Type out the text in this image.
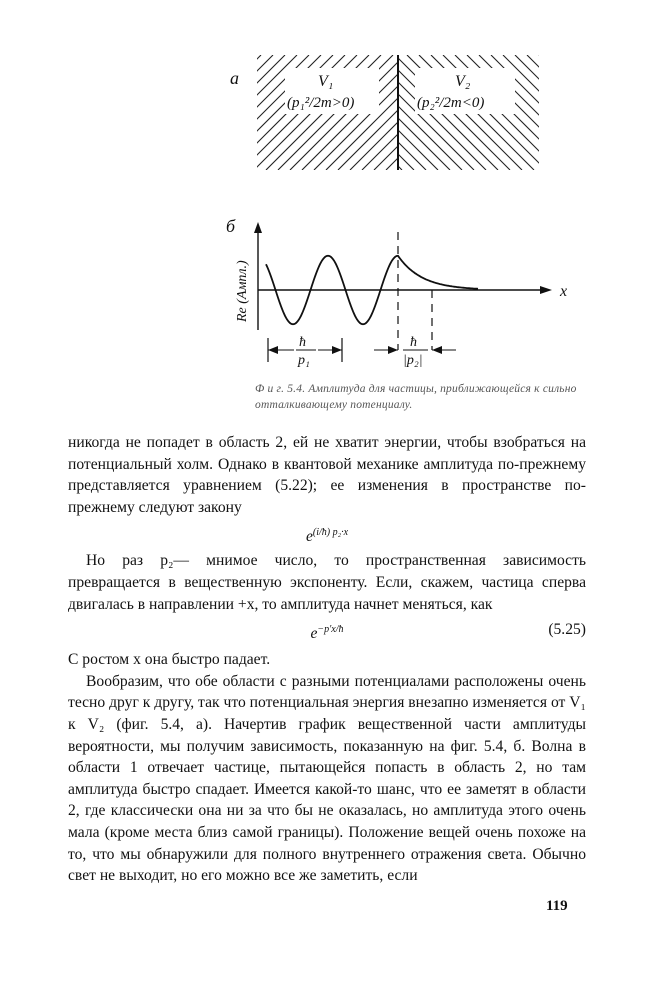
а	V₁
(p₁²/2m>0)
V₂
(p₂²/2m<0)
б
x
Re (Ампл.)
ħ
p₁
ħ
|p₂|
Ф и г. 5.4. Амплитуда для частицы, приближающейся к сильно отталкивающему потенциалу.

никогда не попадет в область 2, ей не хватит энергии, чтобы взобраться на потенциальный холм. Однако в квантовой механике амплитуда по-прежнему представляется уравнением (5.22); ее изменения в пространстве по-прежнему следуют закону

$e^{(i/ħ) p_2\cdot x}$

Но раз p₂— мнимое число, то пространственная зависимость превращается в вещественную экспоненту. Если, скажем, частица сперва двигалась в направлении +x, то амплитуда начнет меняться, как

$e^{-p'x/ħ}$	(5.25)

С ростом x она быстро падает.

Вообразим, что обе области с разными потенциалами расположены очень тесно друг к другу, так что потенциальная энергия внезапно изменяется от V₁ к V₂ (фиг. 5.4, а). Начертив график вещественной части амплитуды вероятности, мы получим зависимость, показанную на фиг. 5.4, б. Волна в области 1 отвечает частице, пытающейся попасть в область 2, но там амплитуда быстро спадает. Имеется какой-то шанс, что ее заметят в области 2, где классически она ни за что бы не оказалась, но амплитуда этого очень мала (кроме места близ самой границы). Положение вещей очень похоже на то, что мы обнаружили для полного внутреннего отражения света. Обычно свет не выходит, но его можно все же заметить, если

119
